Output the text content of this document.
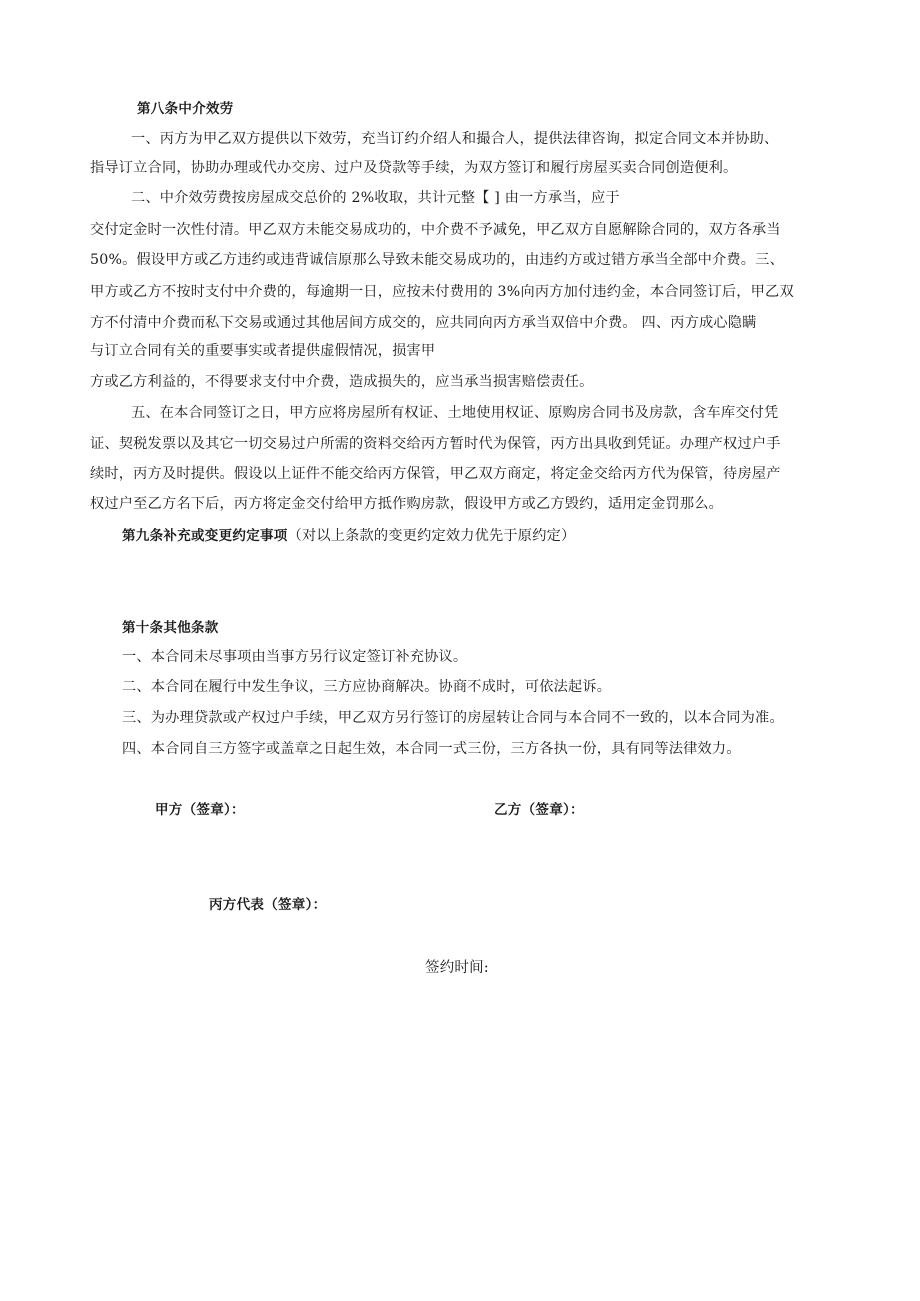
第八条中介效劳
一、丙方为甲乙双方提供以下效劳，充当订约介绍人和撮合人，提供法律咨询，拟定合同文本并协助、
指导订立合同，协助办理或代办交房、过户及贷款等手续，为双方签订和履行房屋买卖合同创造便利。
二、中介效劳费按房屋成交总价的 2%收取，共计元整【 ] 由一方承当，应于
交付定金时一次性付清。甲乙双方未能交易成功的，中介费不予减免，甲乙双方自愿解除合同的，双方各承当
50%。假设甲方或乙方违约或违背诚信原那么导致未能交易成功的，由违约方或过错方承当全部中介费。三、
甲方或乙方不按时支付中介费的，每逾期一日，应按未付费用的 3%向丙方加付违约金，本合同签订后，甲乙双
方不付清中介费而私下交易或通过其他居间方成交的，应共同向丙方承当双倍中介费。 四、丙方成心隐瞒
与订立合同有关的重要事实或者提供虚假情况，损害甲
方或乙方利益的，不得要求支付中介费，造成损失的，应当承当损害赔偿责任。
五、在本合同签订之日，甲方应将房屋所有权证、土地使用权证、原购房合同书及房款，含车库交付凭
证、契税发票以及其它一切交易过户所需的资料交给丙方暂时代为保管，丙方出具收到凭证。办理产权过户手
续时，丙方及时提供。假设以上证件不能交给丙方保管，甲乙双方商定，将定金交给丙方代为保管，待房屋产
权过户至乙方名下后，丙方将定金交付给甲方抵作购房款，假设甲方或乙方毁约，适用定金罚那么。
第九条补充或变更约定事项（对以上条款的变更约定效力优先于原约定）
第十条其他条款
一、本合同未尽事项由当事方另行议定签订补充协议。
二、本合同在履行中发生争议，三方应协商解决。协商不成时，可依法起诉。
三、为办理贷款或产权过户手续，甲乙双方另行签订的房屋转让合同与本合同不一致的，以本合同为准。
四、本合同自三方签字或盖章之日起生效，本合同一式三份，三方各执一份，具有同等法律效力。
甲方（签章）：	乙方（签章）：
丙方代表（签章）：
签约时间:
